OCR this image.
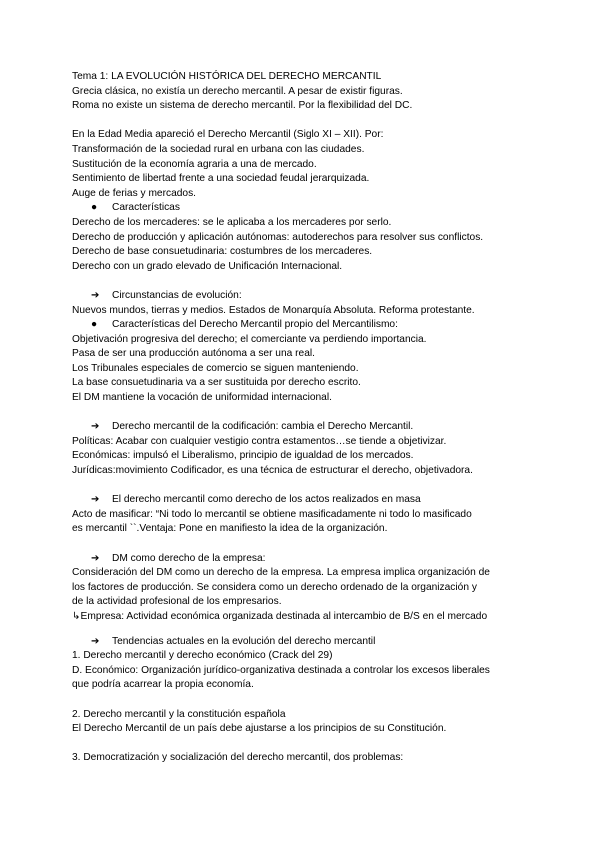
Tema 1: LA EVOLUCIÓN HISTÓRICA DEL DERECHO MERCANTIL
Grecia clásica, no existía un derecho mercantil. A pesar de existir figuras.
Roma no existe un sistema de derecho mercantil. Por la flexibilidad del DC.
En la Edad Media apareció el Derecho Mercantil (Siglo XI – XII). Por:
Transformación de la sociedad rural en urbana con las ciudades.
Sustitución de la economía agraria a una de mercado.
Sentimiento de libertad frente a una sociedad feudal jerarquizada.
Auge de ferias y mercados.
● Características
Derecho de los mercaderes: se le aplicaba a los mercaderes por serlo.
Derecho de producción y aplicación autónomas: autoderechos para resolver sus conflictos.
Derecho de base consuetudinaria: costumbres de los mercaderes.
Derecho con un grado elevado de Unificación Internacional.
➔ Circunstancias de evolución:
Nuevos mundos, tierras y medios. Estados de Monarquía Absoluta. Reforma protestante.
● Características del Derecho Mercantil propio del Mercantilismo:
Objetivación progresiva del derecho; el comerciante va perdiendo importancia.
Pasa de ser una producción autónoma a ser una real.
Los Tribunales especiales de comercio se siguen manteniendo.
La base consuetudinaria va a ser sustituida por derecho escrito.
El DM mantiene la vocación de uniformidad internacional.
➔ Derecho mercantil de la codificación: cambia el Derecho Mercantil.
Políticas: Acabar con cualquier vestigio contra estamentos…se tiende a objetivizar.
Económicas: impulsó el Liberalismo, principio de igualdad de los mercados.
Jurídicas:movimiento Codificador, es una técnica de estructurar el derecho, objetivadora.
➔ El derecho mercantil como derecho de los actos realizados en masa
Acto de masificar: “Ni todo lo mercantil se obtiene masificadamente ni todo lo masificado
es mercantil ``.Ventaja: Pone en manifiesto la idea de la organización.
➔ DM como derecho de la empresa:
Consideración del DM como un derecho de la empresa. La empresa implica organización de
los factores de producción. Se considera como un derecho ordenado de la organización y
de la actividad profesional de los empresarios.
↳Empresa: Actividad económica organizada destinada al intercambio de B/S en el mercado
➔ Tendencias actuales en la evolución del derecho mercantil
1. Derecho mercantil y derecho económico (Crack del 29)
D. Económico: Organización jurídico-organizativa destinada a controlar los excesos liberales
que podría acarrear la propia economía.
2. Derecho mercantil y la constitución española
El Derecho Mercantil de un país debe ajustarse a los principios de su Constitución.
3. Democratización y socialización del derecho mercantil, dos problemas:
